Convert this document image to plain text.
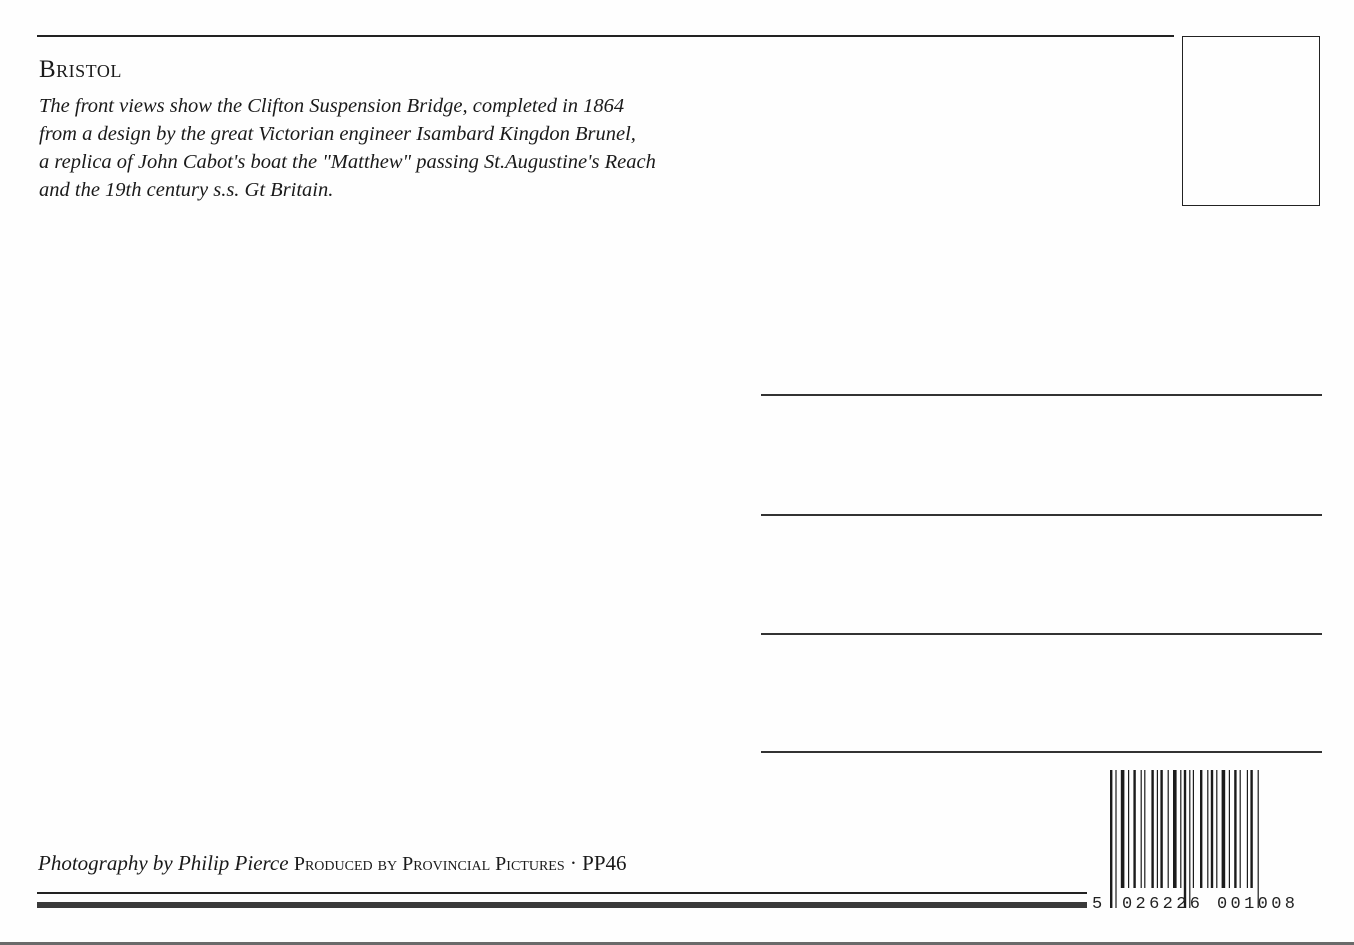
Bristol
The front views show the Clifton Suspension Bridge, completed in 1864
from a design by the great Victorian engineer Isambard Kingdon Brunel,
a replica of John Cabot's boat the "Matthew" passing St.Augustine's Reach
and the 19th century s.s. Gt Britain.
Photography by Philip Pierce Produced by Provincial Pictures · PP46
5 026226 001008
